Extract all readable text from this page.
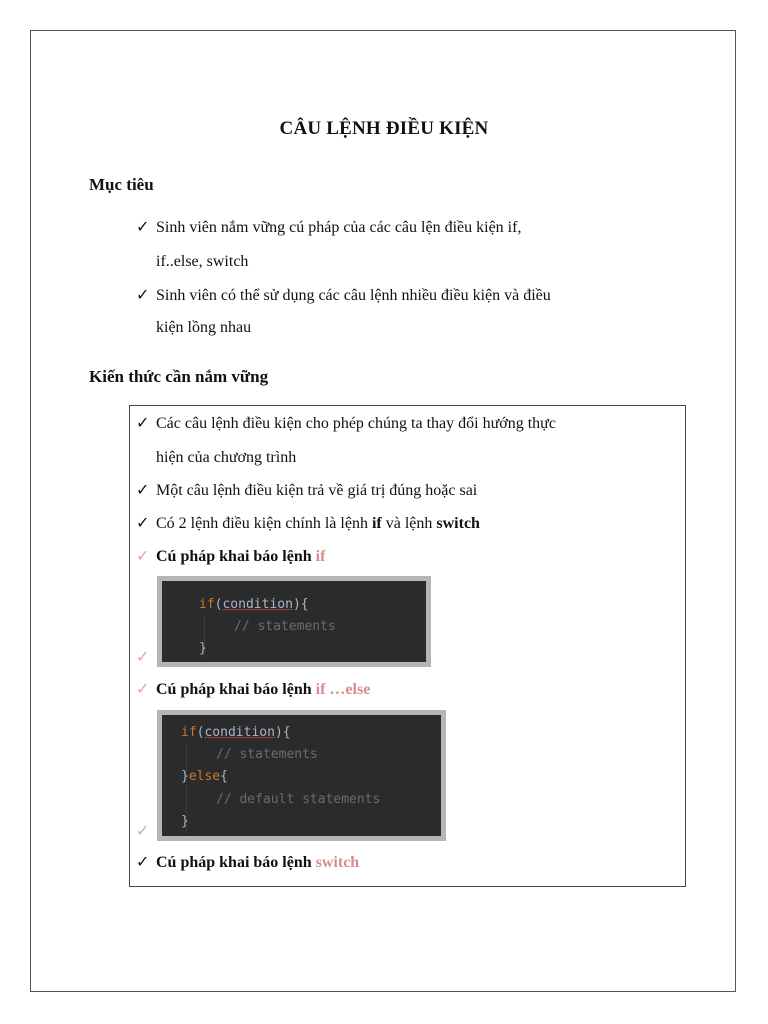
CÂU LỆNH ĐIỀU KIỆN
Mục tiêu
✓ Sinh viên nắm vững cú pháp của các câu lện điều kiện if,
if..else, switch
✓ Sinh viên có thể sử dụng các câu lệnh nhiều điều kiện và điều
kiện lồng nhau
Kiến thức cần nắm vững
✓ Các câu lệnh điều kiện cho phép chúng ta thay đổi hướng thực
hiện của chương trình
✓ Một câu lệnh điều kiện trả về giá trị đúng hoặc sai
✓ Có 2 lệnh điều kiện chính là lệnh if và lệnh switch
✓ Cú pháp khai báo lệnh if
if(condition){
// statements
}
✓
✓ Cú pháp khai báo lệnh if …else
if(condition){
// statements
}else{
// default statements
}
✓
✓ Cú pháp khai báo lệnh switch
